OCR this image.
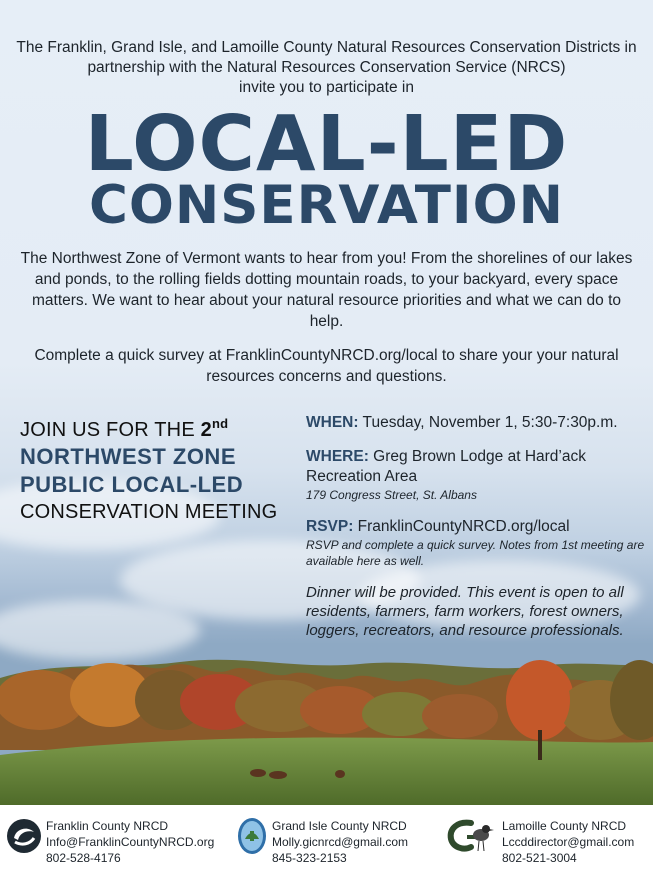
The Franklin, Grand Isle, and Lamoille County Natural Resources Conservation Districts in
partnership with the Natural Resources Conservation Service (NRCS)
invite you to participate in
LOCAL-LED
CONSERVATION
The Northwest Zone of Vermont wants to hear from you! From the shorelines of our lakes and ponds, to the rolling fields dotting mountain roads, to your backyard, every space matters. We want to hear about your natural resource priorities and what we can do to help.
Complete a quick survey at FranklinCountyNRCD.org/local to share your your natural resources concerns and questions.
JOIN US FOR THE 2nd
NORTHWEST ZONE
PUBLIC LOCAL-LED
CONSERVATION MEETING
WHEN: Tuesday, November 1, 5:30-7:30p.m.
WHERE: Greg Brown Lodge at Hard’ack Recreation Area
179 Congress Street, St. Albans
RSVP: FranklinCountyNRCD.org/local
RSVP and complete a quick survey. Notes from 1st meeting are available here as well.
Dinner will be provided. This event is open to all residents, farmers, farm workers, forest owners, loggers, recreators, and resource professionals.
Franklin County NRCD
Info@FranklinCountyNRCD.org
802-528-4176
Grand Isle County NRCD
Molly.gicnrcd@gmail.com
845-323-2153
Lamoille County NRCD
Lccddirector@gmail.com
802-521-3004
